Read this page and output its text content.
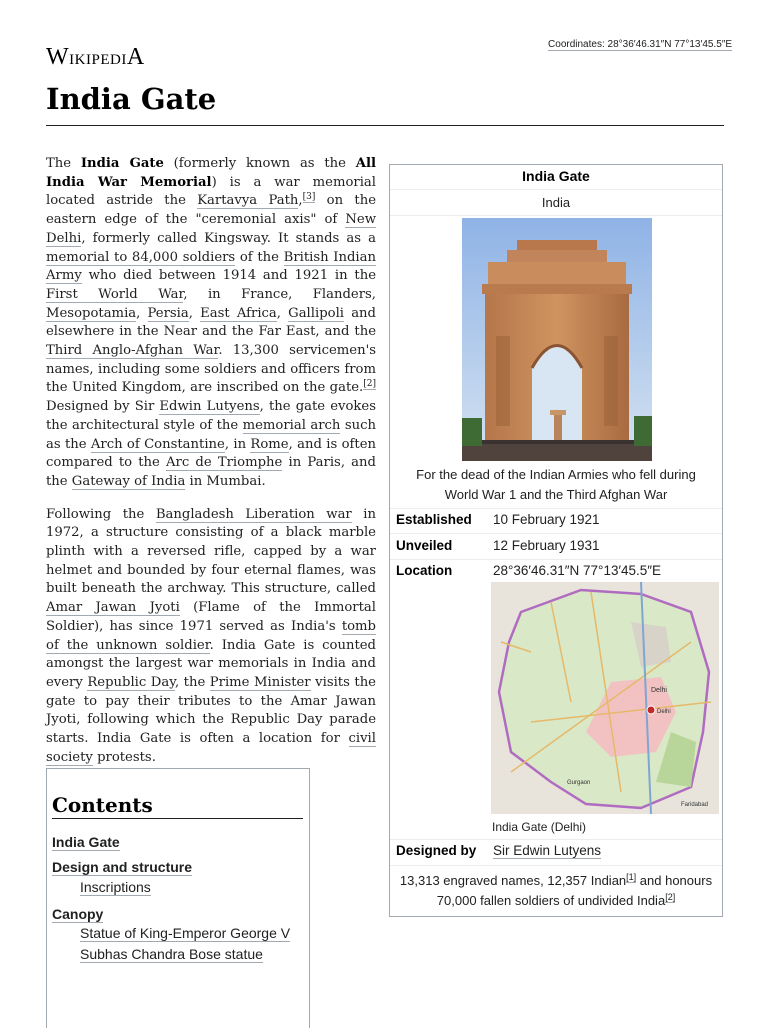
WikipediA	Coordinates: 28°36′46.31″N 77°13′45.5″E
India Gate

The India Gate (formerly known as the All India War Memorial) is a war memorial located astride the Kartavya Path,[3] on the eastern edge of the "ceremonial axis" of New Delhi, formerly called Kingsway. It stands as a memorial to 84,000 soldiers of the British Indian Army who died between 1914 and 1921 in the First World War, in France, Flanders, Mesopotamia, Persia, East Africa, Gallipoli and elsewhere in the Near and the Far East, and the Third Anglo-Afghan War. 13,300 servicemen's names, including some soldiers and officers from the United Kingdom, are inscribed on the gate.[2] Designed by Sir Edwin Lutyens, the gate evokes the architectural style of the memorial arch such as the Arch of Constantine, in Rome, and is often compared to the Arc de Triomphe in Paris, and the Gateway of India in Mumbai.

Following the Bangladesh Liberation war in 1972, a structure consisting of a black marble plinth with a reversed rifle, capped by a war helmet and bounded by four eternal flames, was built beneath the archway. This structure, called Amar Jawan Jyoti (Flame of the Immortal Soldier), has since 1971 served as India's tomb of the unknown soldier. India Gate is counted amongst the largest war memorials in India and every Republic Day, the Prime Minister visits the gate to pay their tributes to the Amar Jawan Jyoti, following which the Republic Day parade starts. India Gate is often a location for civil society protests.

Contents
India Gate
Design and structure
Inscriptions
Canopy
Statue of King-Emperor George V
Subhas Chandra Bose statue
India Gate
India
For the dead of the Indian Armies who fell during World War 1 and the Third Afghan War
Established 10 February 1921
Unveiled	12 February 1931
Location	28°36′46.31″N 77°13′45.5″E
Delhi
Delhi
Gurgaon
Faridabad
India Gate (Delhi)
Designed by Sir Edwin Lutyens
13,313 engraved names, 12,357 Indian[1] and honours 70,000 fallen soldiers of undivided India[2]
